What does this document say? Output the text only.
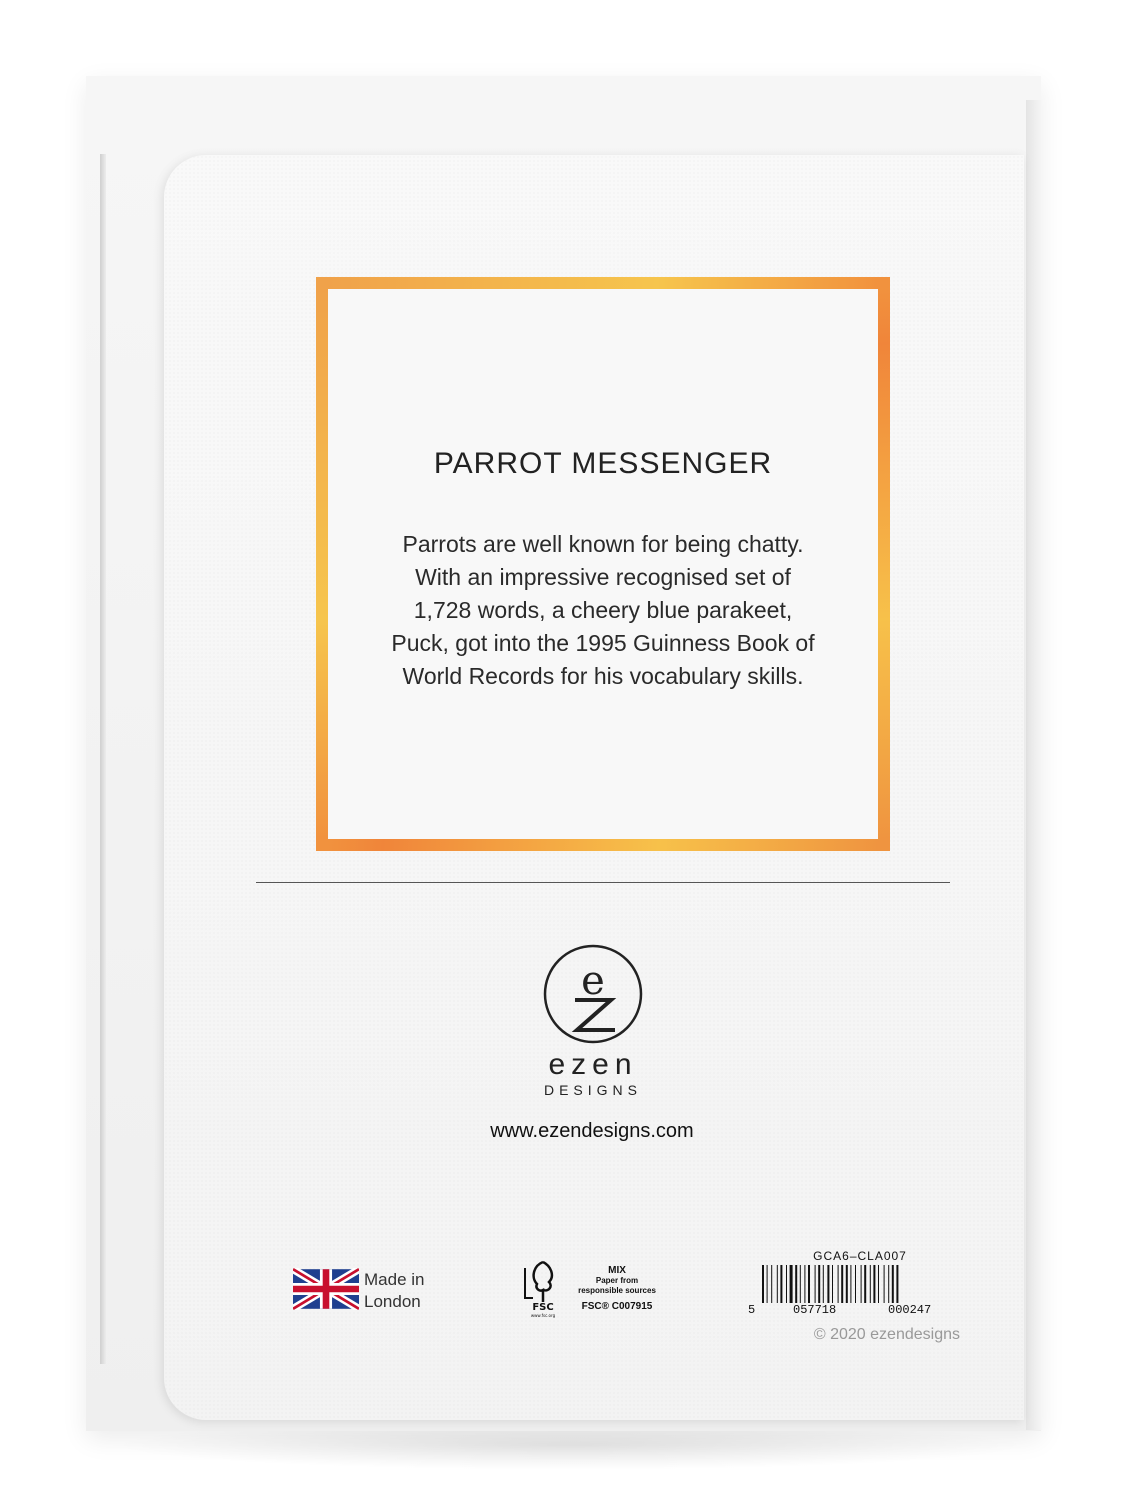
PARROT MESSENGER
Parrots are well known for being chatty.
With an impressive recognised set of
1,728 words, a cheery blue parakeet,
Puck, got into the 1995 Guinness Book of
World Records for his vocabulary skills.
e
ezen
DESIGNS
www.ezendesigns.com
Made in
London	FSC
www.fsc.org
MIX
Paper from
responsible sources
FSC® C007915
GCA6–CLA007
5	057718	000247
© 2020 ezendesigns
